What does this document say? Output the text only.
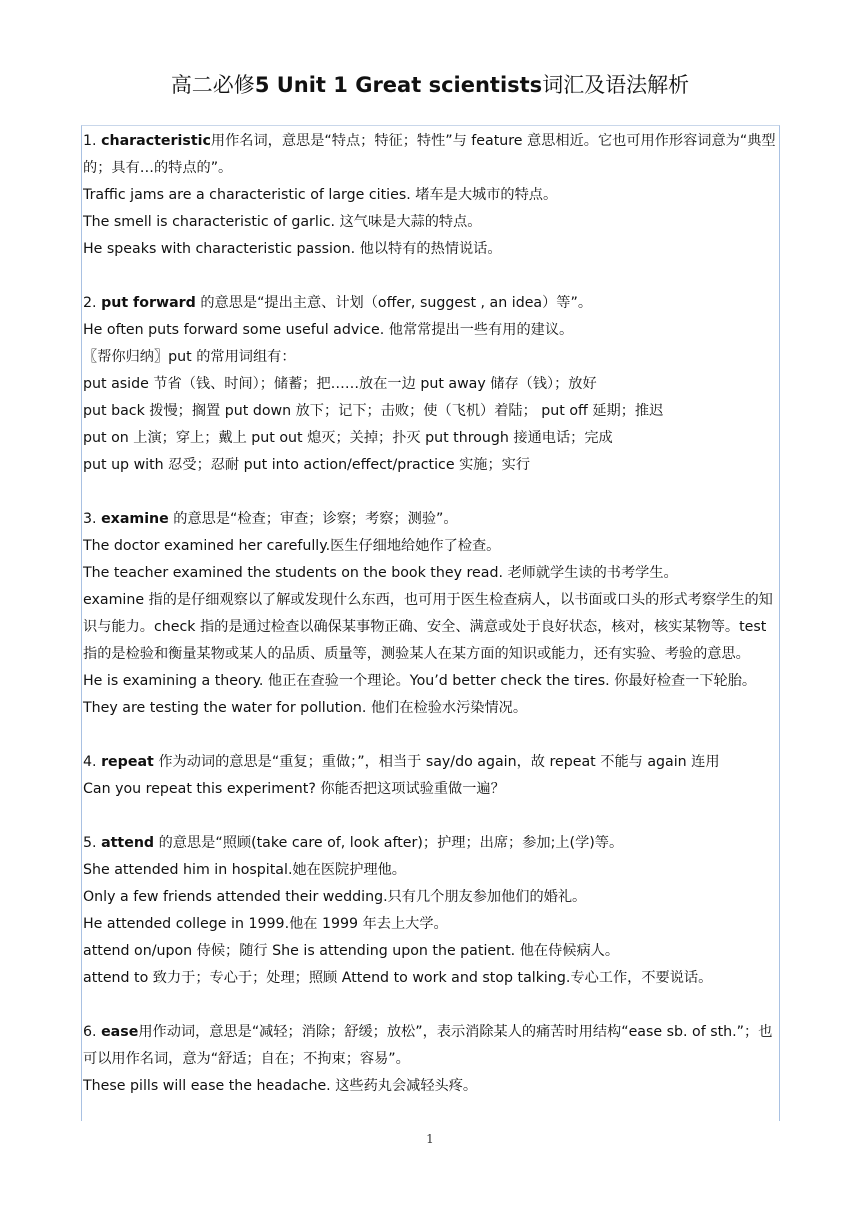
高二必修5 Unit 1 Great scientists词汇及语法解析
1. characteristic用作名词，意思是“特点；特征；特性”与 feature 意思相近。它也可用作形容词意为“典型的；具有…的特点的”。
Traffic jams are a characteristic of large cities. 堵车是大城市的特点。
The smell is characteristic of garlic. 这气味是大蒜的特点。
He speaks with characteristic passion. 他以特有的热情说话。
2. put forward 的意思是“提出主意、计划（offer, suggest , an idea）等”。
He often puts forward some useful advice. 他常常提出一些有用的建议。
〖帮你归纳〗put 的常用词组有：
put aside 节省（钱、时间）；储蓄；把……放在一边 put away 储存（钱）；放好
put back 拨慢；搁置 put down 放下；记下；击败；使（飞机）着陆； put off 延期；推迟
put on 上演；穿上；戴上 put out 熄灭；关掉；扑灭 put through 接通电话；完成
put up with 忍受；忍耐 put into action/effect/practice 实施；实行
3. examine 的意思是“检查；审查；诊察；考察；测验”。
The doctor examined her carefully.医生仔细地给她作了检查。
The teacher examined the students on the book they read. 老师就学生读的书考学生。
examine 指的是仔细观察以了解或发现什么东西，也可用于医生检查病人，以书面或口头的形式考察学生的知识与能力。check 指的是通过检查以确保某事物正确、安全、满意或处于良好状态，核对，核实某物等。test 指的是检验和衡量某物或某人的品质、质量等，测验某人在某方面的知识或能力，还有实验、考验的意思。
He is examining a theory. 他正在查验一个理论。You’d better check the tires. 你最好检查一下轮胎。They are testing the water for pollution. 他们在检验水污染情况。
4. repeat 作为动词的意思是“重复；重做；”，相当于 say/do again，故 repeat 不能与 again 连用
Can you repeat this experiment? 你能否把这项试验重做一遍？
5. attend 的意思是“照顾(take care of, look after)；护理；出席；参加;上(学)等。
She attended him in hospital.她在医院护理他。
Only a few friends attended their wedding.只有几个朋友参加他们的婚礼。
He attended college in 1999.他在 1999 年去上大学。
attend on/upon 侍候；随行 She is attending upon the patient. 他在侍候病人。
attend to 致力于；专心于；处理；照顾 Attend to work and stop talking.专心工作，不要说话。
6. ease用作动词，意思是“减轻；消除；舒缓；放松”，表示消除某人的痛苦时用结构“ease sb. of sth.”；也可以用作名词，意为“舒适；自在；不拘束；容易”。
These pills will ease the headache. 这些药丸会减轻头疼。
1
